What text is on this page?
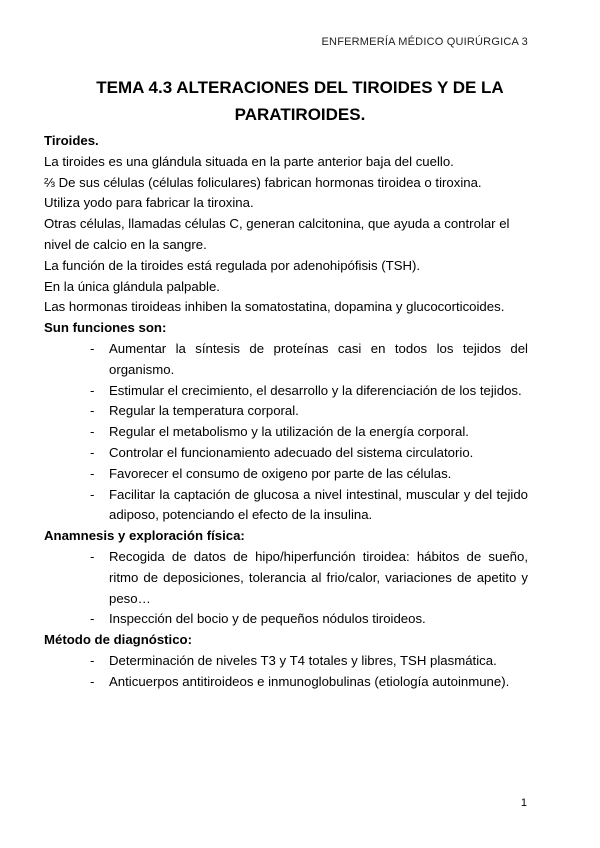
ENFERMERÍA MÉDICO QUIRÚRGICA 3
TEMA 4.3 ALTERACIONES DEL TIROIDES Y DE LA
PARATIROIDES.

Tiroides.

La tiroides es una glándula situada en la parte anterior baja del cuello.

⅔ De sus células (células foliculares) fabrican hormonas tiroidea o tiroxina.

Utiliza yodo para fabricar la tiroxina.

Otras células, llamadas células C, generan calcitonina, que ayuda a controlar el nivel de calcio en la sangre.

La función de la tiroides está regulada por adenohipófisis (TSH).

En la única glándula palpable.

Las hormonas tiroideas inhiben la somatostatina, dopamina y glucocorticoides.

Sun funciones son:

- Aumentar la síntesis de proteínas casi en todos los tejidos del organismo.
- Estimular el crecimiento, el desarrollo y la diferenciación de los tejidos.
- Regular la temperatura corporal.
- Regular el metabolismo y la utilización de la energía corporal.
- Controlar el funcionamiento adecuado del sistema circulatorio.
- Favorecer el consumo de oxigeno por parte de las células.
- Facilitar la captación de glucosa a nivel intestinal, muscular y del tejido adiposo, potenciando el efecto de la insulina.

Anamnesis y exploración física:

- Recogida de datos de hipo/hiperfunción tiroidea: hábitos de sueño, ritmo de deposiciones, tolerancia al frio/calor, variaciones de apetito y peso…
- Inspección del bocio y de pequeños nódulos tiroideos.

Método de diagnóstico:

- Determinación de niveles T3 y T4 totales y libres, TSH plasmática.
- Anticuerpos antitiroideos e inmunoglobulinas (etiología autoinmune).
1
